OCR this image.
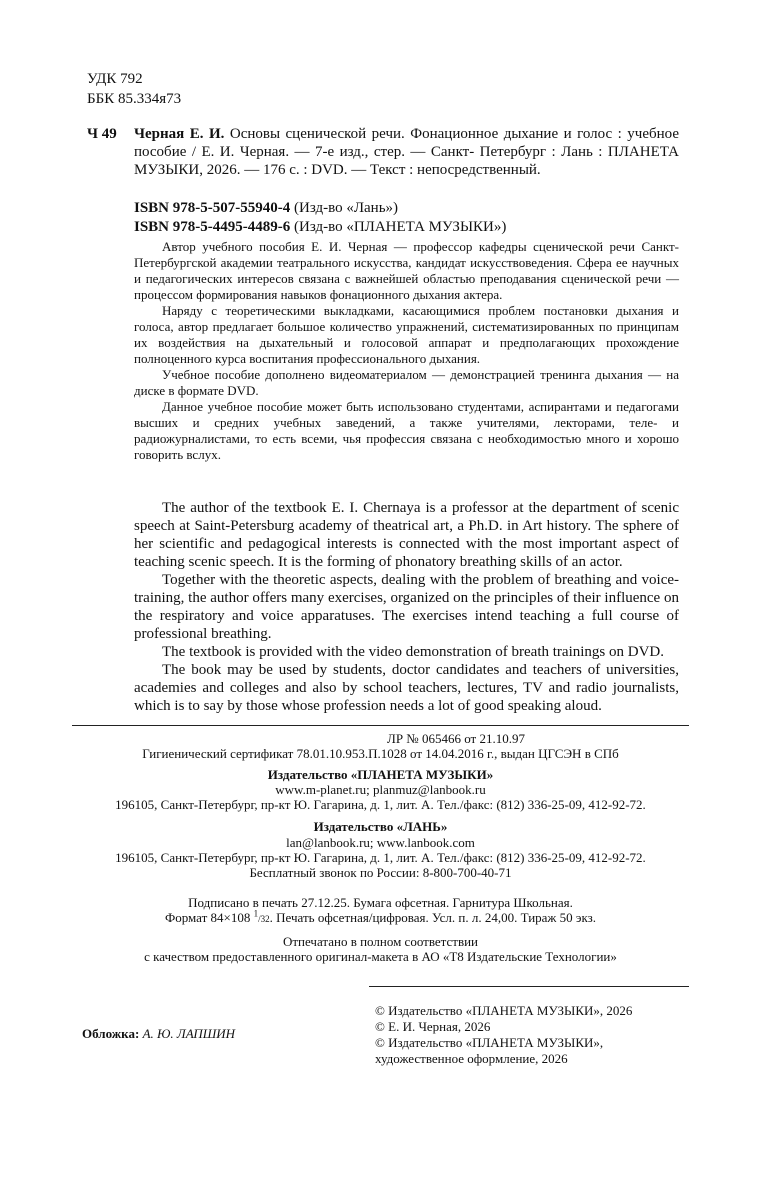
УДК 792
ББК 85.334я73
Ч 49 Черная Е. И. Основы сценической речи. Фонационное дыхание и голос : учебное пособие / Е. И. Черная. — 7-е изд., стер. — Санкт- Петербург : Лань : ПЛАНЕТА МУЗЫКИ, 2026. — 176 с. : DVD. — Текст : непосредственный.
ISBN 978-5-507-55940-4 (Изд-во «Лань»)
ISBN 978-5-4495-4489-6 (Изд-во «ПЛАНЕТА МУЗЫКИ»)

Автор учебного пособия Е. И. Черная — профессор кафедры сценической речи Санкт-Петербургской академии театрального искусства, кандидат искусствоведения. Сфера ее научных и педагогических интересов связана с важнейшей областью преподавания сценической речи — процессом формирования навыков фонационного дыхания актера.

Наряду с теоретическими выкладками, касающимися проблем постановки дыхания и голоса, автор предлагает большое количество упражнений, систематизированных по принципам их воздействия на дыхательный и голосовой аппарат и предполагающих прохождение полноценного курса воспитания профессионального дыхания.

Учебное пособие дополнено видеоматериалом — демонстрацией тренинга дыхания — на диске в формате DVD.

Данное учебное пособие может быть использовано студентами, аспирантами и педагогами высших и средних учебных заведений, а также учителями, лекторами, теле- и радиожурналистами, то есть всеми, чья профессия связана с необходимостью много и хорошо говорить вслух.

The author of the textbook E. I. Chernaya is a professor at the department of scenic speech at Saint-Petersburg academy of theatrical art, a Ph.D. in Art history. The sphere of her scientific and pedagogical interests is connected with the most important aspect of teaching scenic speech. It is the forming of phonatory breathing skills of an actor.

Together with the theoretic aspects, dealing with the problem of breathing and voice-training, the author offers many exercises, organized on the principles of their influence on the respiratory and voice apparatuses. The exercises intend teaching a full course of professional breathing.

The textbook is provided with the video demonstration of breath trainings on DVD.

The book may be used by students, doctor candidates and teachers of universities, academies and colleges and also by school teachers, lectures, TV and radio journalists, which is to say by those whose profession needs a lot of good speaking aloud.

ЛР № 065466 от 21.10.97
Гигиенический сертификат 78.01.10.953.П.1028 от 14.04.2016 г., выдан ЦГСЭН в СПб
Издательство «ПЛАНЕТА МУЗЫКИ»
www.m-planet.ru; planmuz@lanbook.ru
196105, Санкт-Петербург, пр-кт Ю. Гагарина, д. 1, лит. А. Тел./факс: (812) 336-25-09, 412-92-72.
Издательство «ЛАНЬ»
lan@lanbook.ru; www.lanbook.com
196105, Санкт-Петербург, пр-кт Ю. Гагарина, д. 1, лит. А. Тел./факс: (812) 336-25-09, 412-92-72.
Бесплатный звонок по России: 8-800-700-40-71
Подписано в печать 27.12.25. Бумага офсетная. Гарнитура Школьная.
Формат 84×108 $^1$/32. Печать офсетная/цифровая. Усл. п. л. 24,00. Тираж 50 экз.
Отпечатано в полном соответствии
с качеством предоставленного оригинал-макета в АО «Т8 Издательские Технологии»
Обложка: А. Ю. ЛАПШИН
© Издательство «ПЛАНЕТА МУЗЫКИ», 2026
© Е. И. Черная, 2026
© Издательство «ПЛАНЕТА МУЗЫКИ»,
художественное оформление, 2026
